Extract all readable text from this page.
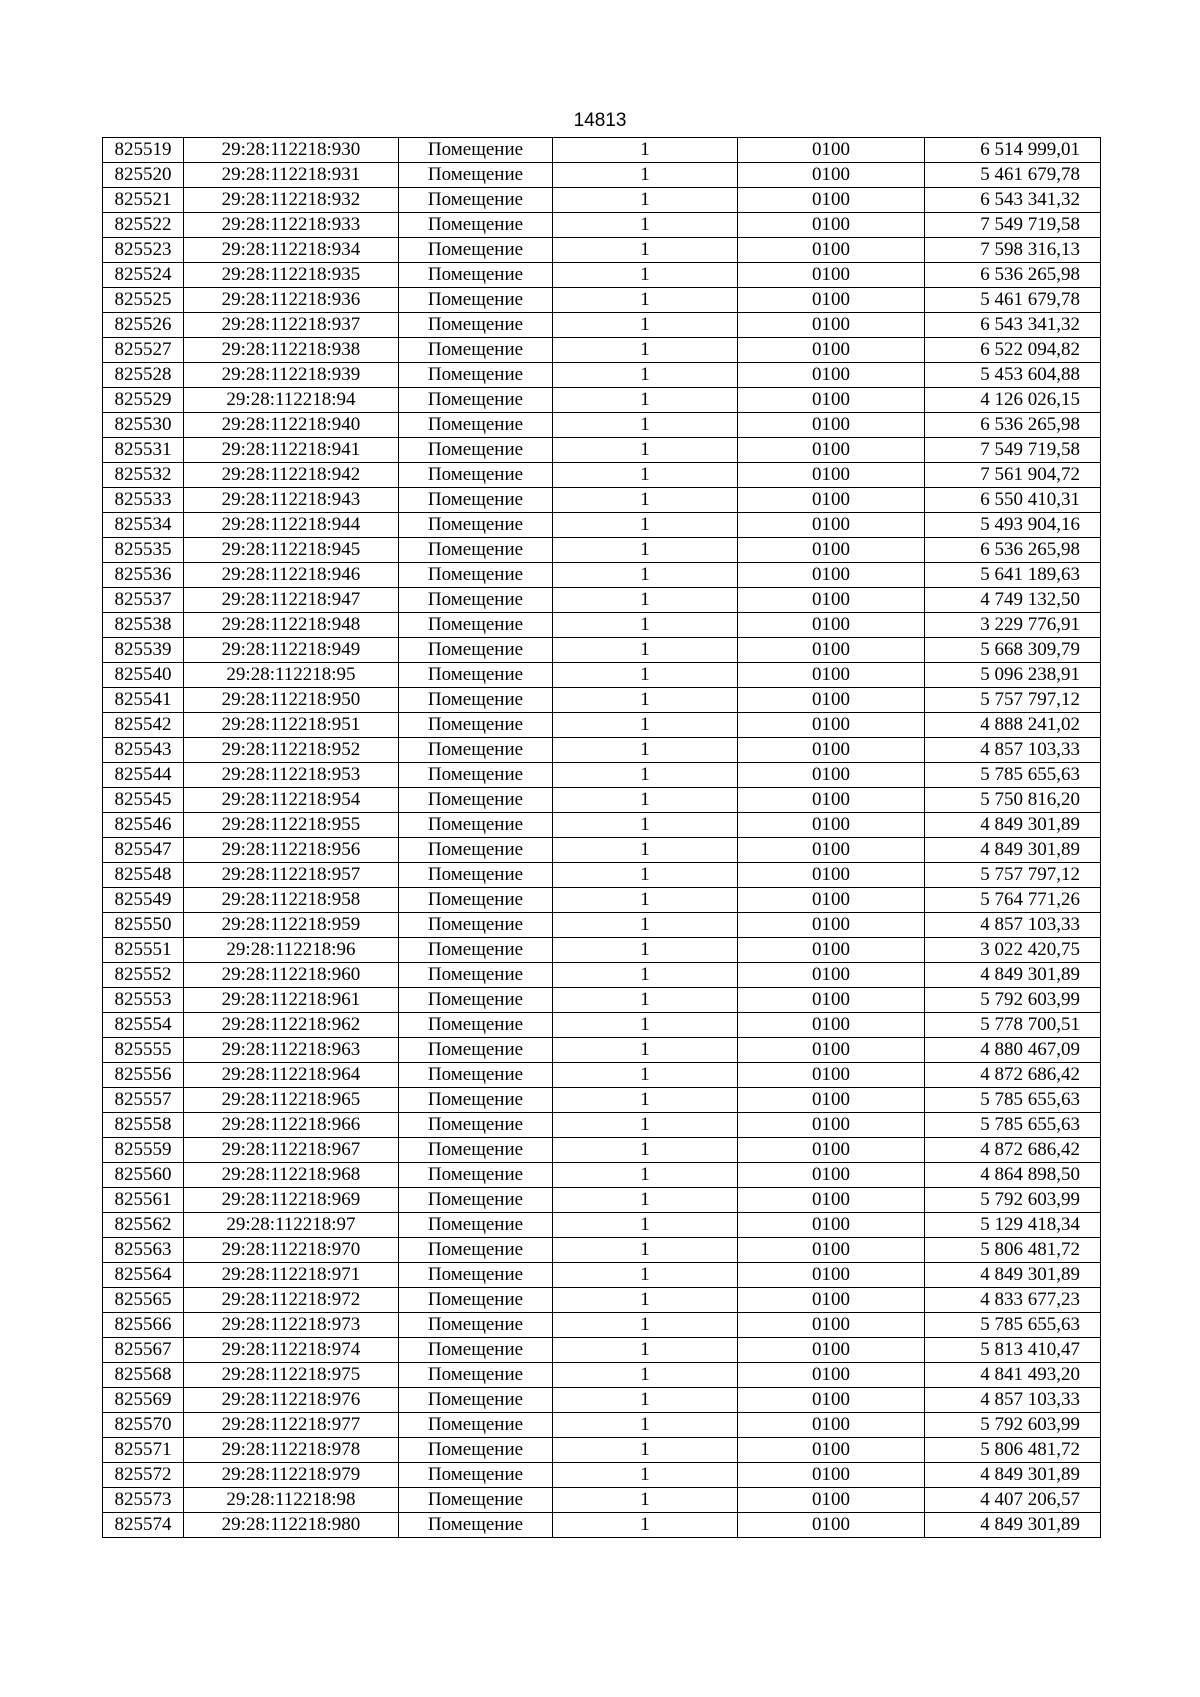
14813
825519	29:28:112218:930	Помещение	1	0100	6 514 999,01
825520	29:28:112218:931	Помещение	1	0100	5 461 679,78
825521	29:28:112218:932	Помещение	1	0100	6 543 341,32
825522	29:28:112218:933	Помещение	1	0100	7 549 719,58
825523	29:28:112218:934	Помещение	1	0100	7 598 316,13
825524	29:28:112218:935	Помещение	1	0100	6 536 265,98
825525	29:28:112218:936	Помещение	1	0100	5 461 679,78
825526	29:28:112218:937	Помещение	1	0100	6 543 341,32
825527	29:28:112218:938	Помещение	1	0100	6 522 094,82
825528	29:28:112218:939	Помещение	1	0100	5 453 604,88
825529	29:28:112218:94	Помещение	1	0100	4 126 026,15
825530	29:28:112218:940	Помещение	1	0100	6 536 265,98
825531	29:28:112218:941	Помещение	1	0100	7 549 719,58
825532	29:28:112218:942	Помещение	1	0100	7 561 904,72
825533	29:28:112218:943	Помещение	1	0100	6 550 410,31
825534	29:28:112218:944	Помещение	1	0100	5 493 904,16
825535	29:28:112218:945	Помещение	1	0100	6 536 265,98
825536	29:28:112218:946	Помещение	1	0100	5 641 189,63
825537	29:28:112218:947	Помещение	1	0100	4 749 132,50
825538	29:28:112218:948	Помещение	1	0100	3 229 776,91
825539	29:28:112218:949	Помещение	1	0100	5 668 309,79
825540	29:28:112218:95	Помещение	1	0100	5 096 238,91
825541	29:28:112218:950	Помещение	1	0100	5 757 797,12
825542	29:28:112218:951	Помещение	1	0100	4 888 241,02
825543	29:28:112218:952	Помещение	1	0100	4 857 103,33
825544	29:28:112218:953	Помещение	1	0100	5 785 655,63
825545	29:28:112218:954	Помещение	1	0100	5 750 816,20
825546	29:28:112218:955	Помещение	1	0100	4 849 301,89
825547	29:28:112218:956	Помещение	1	0100	4 849 301,89
825548	29:28:112218:957	Помещение	1	0100	5 757 797,12
825549	29:28:112218:958	Помещение	1	0100	5 764 771,26
825550	29:28:112218:959	Помещение	1	0100	4 857 103,33
825551	29:28:112218:96	Помещение	1	0100	3 022 420,75
825552	29:28:112218:960	Помещение	1	0100	4 849 301,89
825553	29:28:112218:961	Помещение	1	0100	5 792 603,99
825554	29:28:112218:962	Помещение	1	0100	5 778 700,51
825555	29:28:112218:963	Помещение	1	0100	4 880 467,09
825556	29:28:112218:964	Помещение	1	0100	4 872 686,42
825557	29:28:112218:965	Помещение	1	0100	5 785 655,63
825558	29:28:112218:966	Помещение	1	0100	5 785 655,63
825559	29:28:112218:967	Помещение	1	0100	4 872 686,42
825560	29:28:112218:968	Помещение	1	0100	4 864 898,50
825561	29:28:112218:969	Помещение	1	0100	5 792 603,99
825562	29:28:112218:97	Помещение	1	0100	5 129 418,34
825563	29:28:112218:970	Помещение	1	0100	5 806 481,72
825564	29:28:112218:971	Помещение	1	0100	4 849 301,89
825565	29:28:112218:972	Помещение	1	0100	4 833 677,23
825566	29:28:112218:973	Помещение	1	0100	5 785 655,63
825567	29:28:112218:974	Помещение	1	0100	5 813 410,47
825568	29:28:112218:975	Помещение	1	0100	4 841 493,20
825569	29:28:112218:976	Помещение	1	0100	4 857 103,33
825570	29:28:112218:977	Помещение	1	0100	5 792 603,99
825571	29:28:112218:978	Помещение	1	0100	5 806 481,72
825572	29:28:112218:979	Помещение	1	0100	4 849 301,89
825573	29:28:112218:98	Помещение	1	0100	4 407 206,57
825574	29:28:112218:980	Помещение	1	0100	4 849 301,89
